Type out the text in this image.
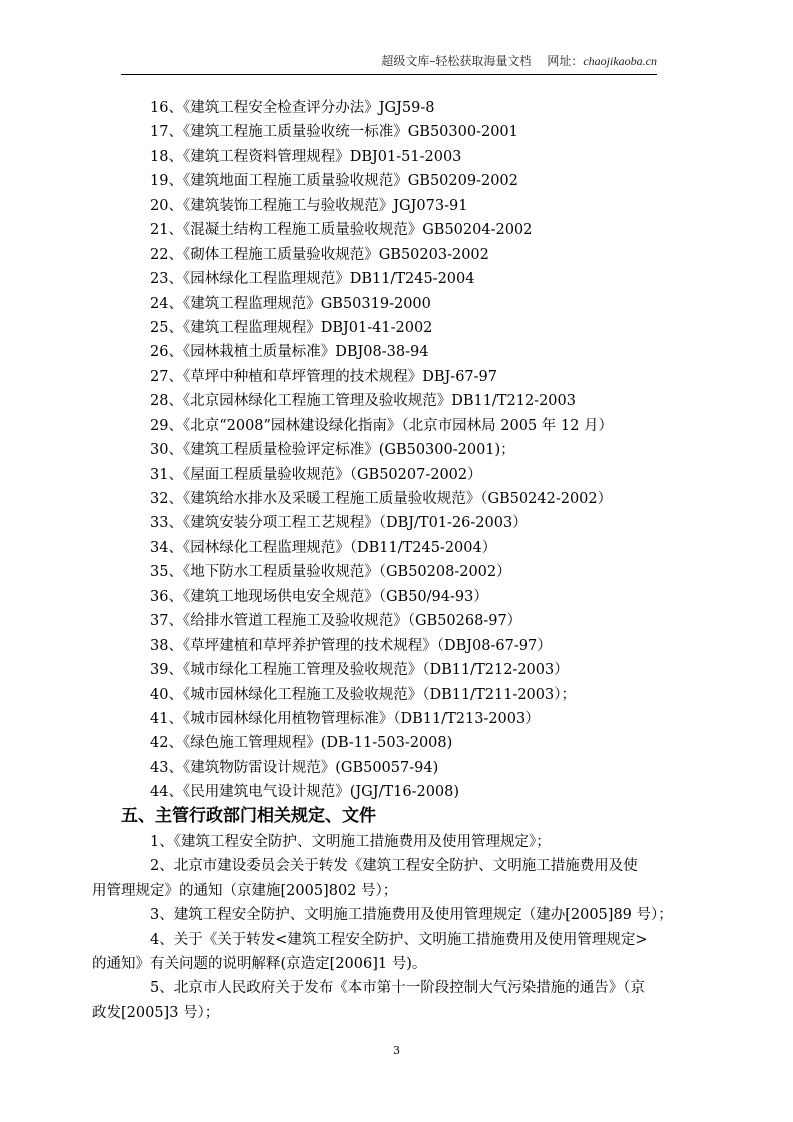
超级文库–轻松获取海量文档 网址：chaojikaoba.cn
16、《建筑工程安全检查评分办法》JGJ59-8
17、《建筑工程施工质量验收统一标准》GB50300-2001
18、《建筑工程资料管理规程》DBJ01-51-2003
19、《建筑地面工程施工质量验收规范》GB50209-2002
20、《建筑装饰工程施工与验收规范》JGJ073-91
21、《混凝土结构工程施工质量验收规范》GB50204-2002
22、《砌体工程施工质量验收规范》GB50203-2002
23、《园林绿化工程监理规范》DB11/T245-2004
24、《建筑工程监理规范》GB50319-2000
25、《建筑工程监理规程》DBJ01-41-2002
26、《园林栽植土质量标准》DBJ08-38-94
27、《草坪中种植和草坪管理的技术规程》DBJ-67-97
28、《北京园林绿化工程施工管理及验收规范》DB11/T212-2003
29、《北京“2008”园林建设绿化指南》（北京市园林局 2005 年 12 月）
30、《建筑工程质量检验评定标准》(GB50300-2001)；
31、《屋面工程质量验收规范》（GB50207-2002）
32、《建筑给水排水及采暖工程施工质量验收规范》（GB50242-2002）
33、《建筑安装分项工程工艺规程》（DBJ/T01-26-2003）
34、《园林绿化工程监理规范》（DB11/T245-2004）
35、《地下防水工程质量验收规范》（GB50208-2002）
36、《建筑工地现场供电安全规范》（GB50/94-93）
37、《给排水管道工程施工及验收规范》（GB50268-97）
38、《草坪建植和草坪养护管理的技术规程》（DBJ08-67-97）
39、《城市绿化工程施工管理及验收规范》（DB11/T212-2003）
40、《城市园林绿化工程施工及验收规范》（DB11/T211-2003）；
41、《城市园林绿化用植物管理标准》（DB11/T213-2003）
42、《绿色施工管理规程》(DB-11-503-2008)
43、《建筑物防雷设计规范》(GB50057-94)
44、《民用建筑电气设计规范》(JGJ/T16-2008)
五、主管行政部门相关规定、文件

1、《建筑工程安全防护、文明施工措施费用及使用管理规定》；

2、北京市建设委员会关于转发《建筑工程安全防护、文明施工措施费用及使
用管理规定》的通知（京建施[2005]802 号）；

3、建筑工程安全防护、文明施工措施费用及使用管理规定（建办[2005]89 号）；

4、关于《关于转发<建筑工程安全防护、文明施工措施费用及使用管理规定>
的通知》有关问题的说明解释(京造定[2006]1 号)。

5、北京市人民政府关于发布《本市第十一阶段控制大气污染措施的通告》（京
政发[2005]3 号）；

3
